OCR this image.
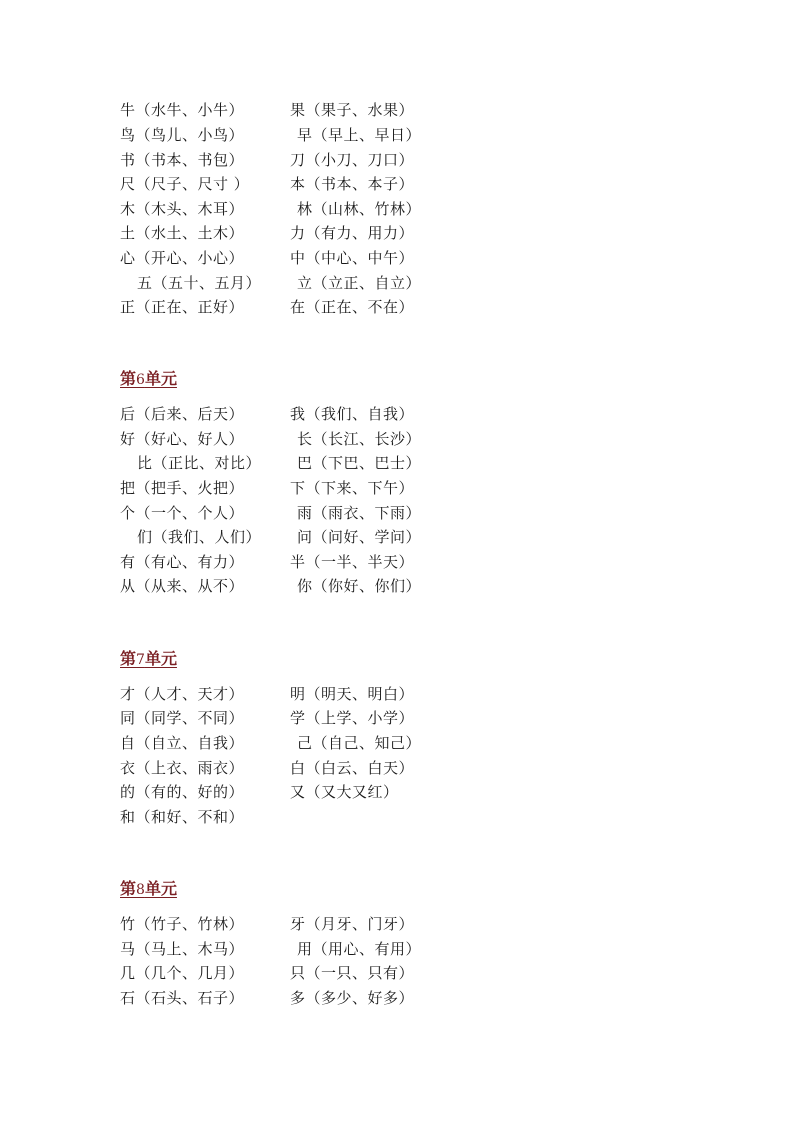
牛（水牛、小牛）	果（果子、水果）
鸟（鸟儿、小鸟）	早（早上、早日）
书（书本、书包）	刀（小刀、刀口）
尺（尺子、尺寸 ）	本（书本、本子）
木（木头、木耳）	林（山林、竹林）
土（水土、土木）	力（有力、用力）
心（开心、小心）	中（中心、中午）
五（五十、五月） 立（立正、自立）
正（正在、正好）	在（正在、不在）
第6单元
后（后来、后天）	我（我们、自我）
好（好心、好人）	长（长江、长沙）
比（正比、对比） 巴（下巴、巴士）
把（把手、火把）	下（下来、下午）
个（一个、个人）	雨（雨衣、下雨）
们（我们、人们） 问（问好、学问）
有（有心、有力）	半（一半、半天）
从（从来、从不）	你（你好、你们）
第7单元
才（人才、天才）	明（明天、明白）
同（同学、不同）	学（上学、小学）
自（自立、自我）	己（自己、知己）
衣（上衣、雨衣）	白（白云、白天）
的（有的、好的）	又（又大又红）
和（和好、不和）
第8单元
竹（竹子、竹林）	牙（月牙、门牙）
马（马上、木马）	用（用心、有用）
几（几个、几月）	只（一只、只有）
石（石头、石子）	多（多少、好多）
